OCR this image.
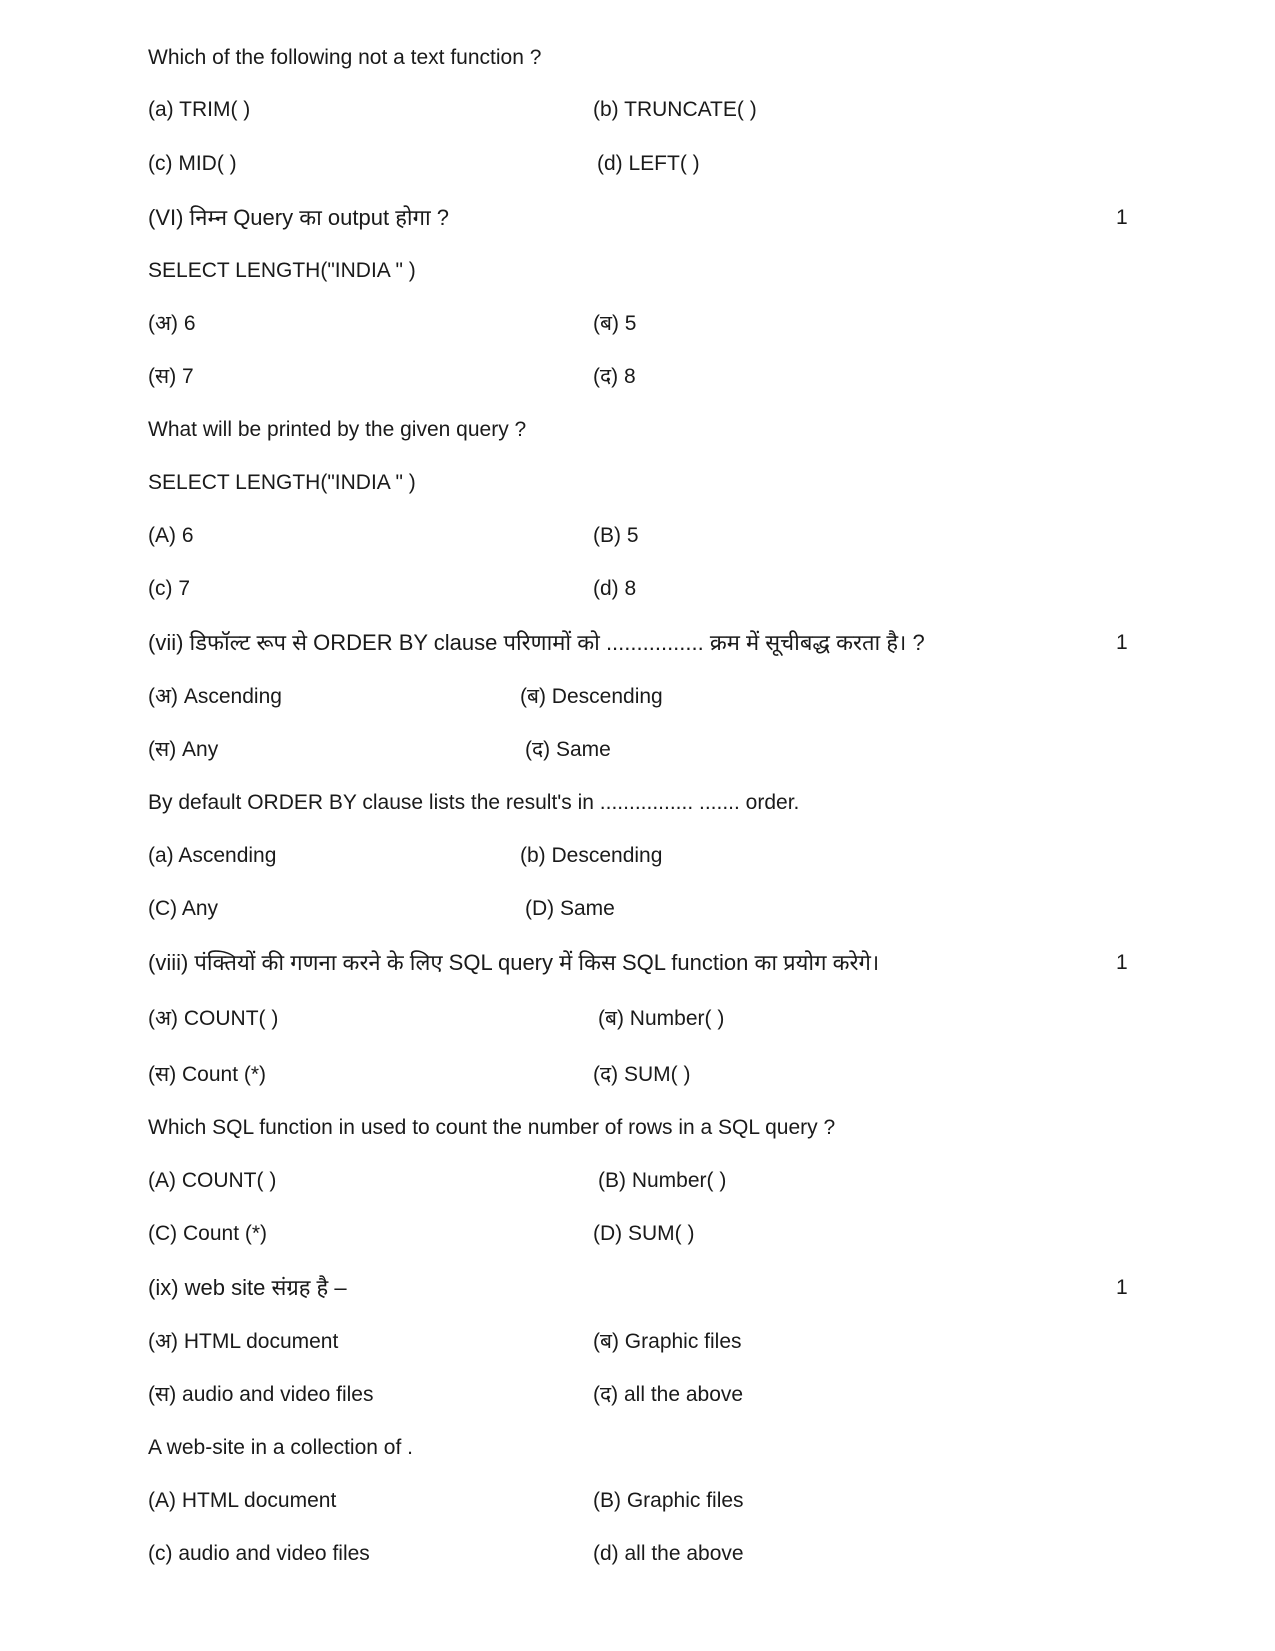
Which of the following not a text function ?
(a) TRIM( )	(b) TRUNCATE( )
(c) MID( )	(d) LEFT( )
(VI) निम्न Query का output होगा ?	1
SELECT LENGTH("INDIA " )
(अ) 6	(ब) 5
(स) 7	(द) 8
What will be printed by the given query ?
SELECT LENGTH("INDIA " )
(A) 6	(B) 5
(c) 7	(d) 8
(vii) डिफॉल्ट रूप से ORDER BY clause परिणामों को ................ क्रम में सूचीबद्ध करता है। ?	1
(अ) Ascending	(ब) Descending
(स) Any	(द) Same
By default ORDER BY clause lists the result's in ................ ....... order.
(a) Ascending	(b) Descending
(C) Any	(D) Same
(viii) पंक्तियों की गणना करने के लिए SQL query में किस SQL function का प्रयोग करेगे।	1
(अ) COUNT( )	(ब) Number( )
(स) Count (*)	(द) SUM( )
Which SQL function in used to count the number of rows in a SQL query ?
(A) COUNT( )	(B) Number( )
(C) Count (*)	(D) SUM( )
(ix) web site संग्रह है –	1
(अ) HTML document	(ब) Graphic files
(स) audio and video files	(द) all the above
A web-site in a collection of .
(A) HTML document	(B) Graphic files
(c) audio and video files	(d) all the above
